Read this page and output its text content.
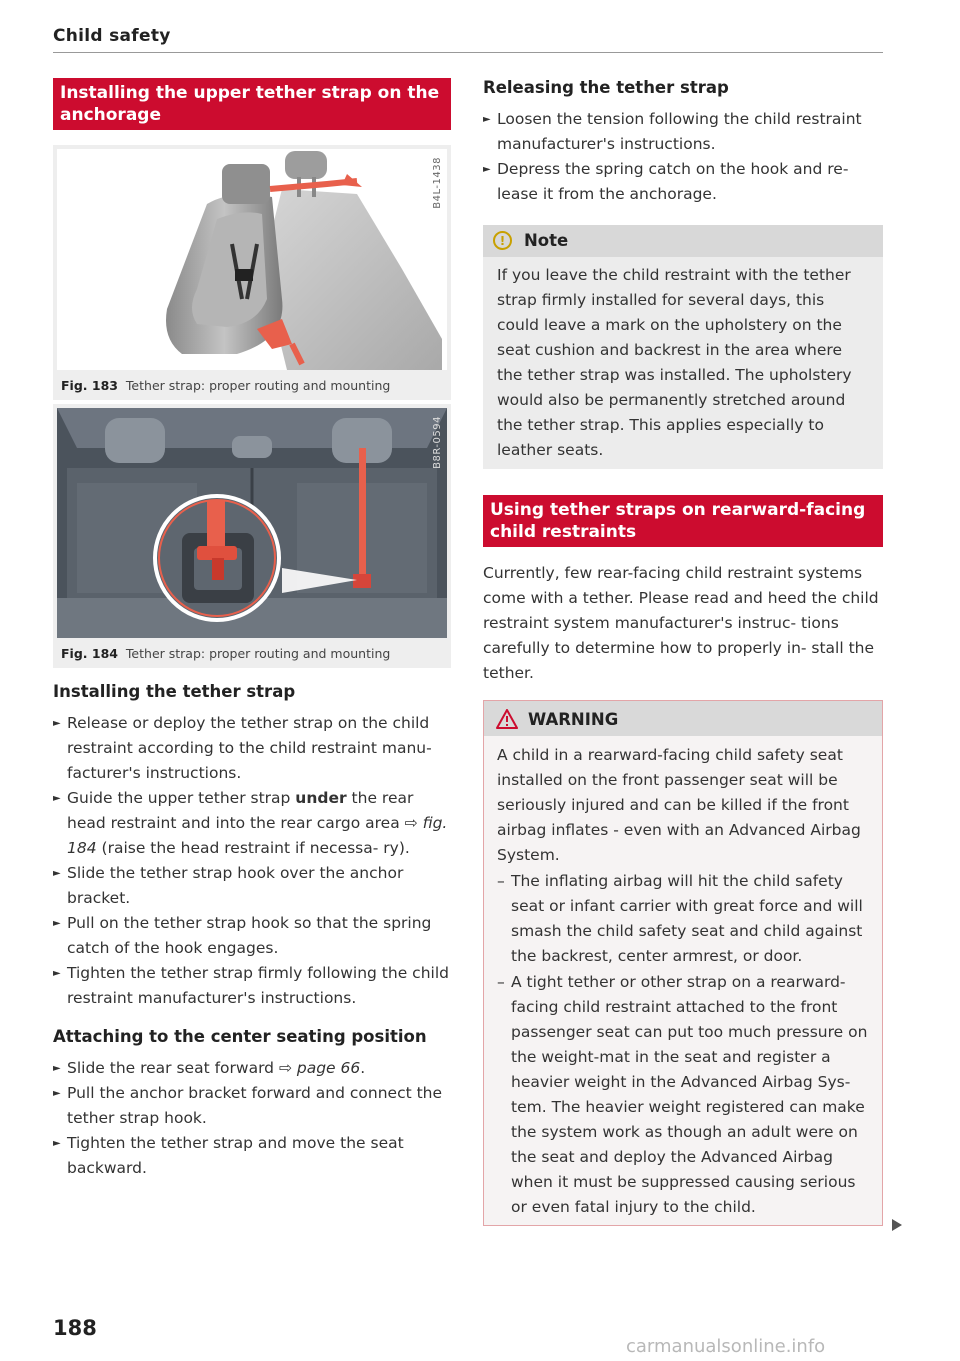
Child safety
Installing the upper tether strap on the anchorage
B4L-1438
Fig. 183 Tether strap: proper routing and mounting
B8R-0594
Fig. 184 Tether strap: proper routing and mounting
Installing the tether strap
► Release or deploy the tether strap on the child restraint according to the child restraint manu- facturer's instructions.
► Guide the upper tether strap under the rear head restraint and into the rear cargo area ⇨ fig. 184 (raise the head restraint if necessa- ry).
► Slide the tether strap hook over the anchor bracket.
► Pull on the tether strap hook so that the spring catch of the hook engages.
► Tighten the tether strap firmly following the child restraint manufacturer's instructions.
Attaching to the center seating position
► Slide the rear seat forward ⇨ page 66.
► Pull the anchor bracket forward and connect the tether strap hook.
► Tighten the tether strap and move the seat backward.
Releasing the tether strap
► Loosen the tension following the child restraint manufacturer's instructions.
► Depress the spring catch on the hook and re- lease it from the anchorage.
!	Note
If you leave the child restraint with the tether strap firmly installed for several days, this could leave a mark on the upholstery on the seat cushion and backrest in the area where the tether strap was installed. The upholstery would also be permanently stretched around the tether strap. This applies especially to leather seats.
Using tether straps on rearward-facing child restraints
Currently, few rear-facing child restraint systems come with a tether. Please read and heed the child restraint system manufacturer's instruc- tions carefully to determine how to properly in- stall the tether.
WARNING
A child in a rearward-facing child safety seat installed on the front passenger seat will be seriously injured and can be killed if the front airbag inflates - even with an Advanced Airbag System.
– The inflating airbag will hit the child safety seat or infant carrier with great force and will smash the child safety seat and child against the backrest, center armrest, or door.
– A tight tether or other strap on a rearward- facing child restraint attached to the front passenger seat can put too much pressure on the weight-mat in the seat and register a heavier weight in the Advanced Airbag Sys- tem. The heavier weight registered can make the system work as though an adult were on the seat and deploy the Advanced Airbag when it must be suppressed causing serious or even fatal injury to the child.
188
carmanualsonline.info
